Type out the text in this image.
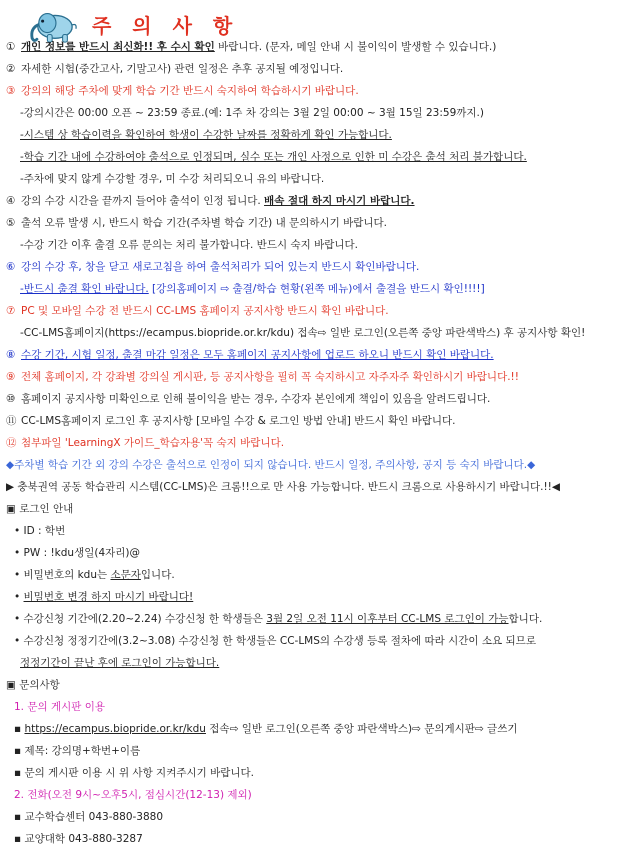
주 의 사 항
① 개인 정보를 반드시 최신화!! 후 수시 확인 바랍니다. (문자, 메일 안내 시 불이익이 발생할 수 있습니다.)
② 자세한 시험(중간고사, 기말고사) 관련 일정은 추후 공지될 예정입니다.
③ 강의의 해당 주차에 맞게 학습 기간 반드시 숙지하여 학습하시기 바랍니다.
-강의시간은 00:00 오픈 ~ 23:59 종료.(예: 1주 차 강의는 3월 2일 00:00 ~ 3월 15일 23:59까지.)
-시스템 상 학습이력을 확인하여 학생이 수강한 날짜를 정확하게 확인 가능합니다.
-학습 기간 내에 수강하여야 출석으로 인정되며, 실수 또는 개인 사정으로 인한 미 수강은 출석 처리 불가합니다.
-주차에 맞지 않게 수강할 경우, 미 수강 처리되오니 유의 바랍니다.
④ 강의 수강 시간을 끝까지 들어야 출석이 인정 됩니다. 배속 절대 하지 마시기 바랍니다.
⑤ 출석 오류 발생 시, 반드시 학습 기간(주차별 학습 기간) 내 문의하시기 바랍니다.
-수강 기간 이후 출결 오류 문의는 처리 불가합니다. 반드시 숙지 바랍니다.
⑥ 강의 수강 후, 창을 닫고 새로고침을 하여 출석처리가 되어 있는지 반드시 확인바랍니다.
-반드시 출결 확인 바랍니다. [강의홈페이지 ⇨ 출결/학습 현황(왼쪽 메뉴)에서 출결을 반드시 확인!!!!]
⑦ PC 및 모바일 수강 전 반드시 CC-LMS 홈페이지 공지사항 반드시 확인 바랍니다.
-CC-LMS홈페이지(https://ecampus.biopride.or.kr/kdu) 접속⇨ 일반 로그인(오른쪽 중앙 파란색박스) 후 공지사항 확인!
⑧ 수강 기간, 시험 일정, 출결 마감 일정은 모두 홈페이지 공지사항에 업로드 하오니 반드시 확인 바랍니다.
⑨ 전체 홈페이지, 각 강좌별 강의실 게시판, 등 공지사항을 필히 꼭 숙지하시고 자주자주 확인하시기 바랍니다.!!
⑩ 홈페이지 공지사항 미확인으로 인해 불이익을 받는 경우, 수강자 본인에게 책임이 있음을 알려드립니다.
⑪ CC-LMS홈페이지 로그인 후 공지사항 [모바일 수강 & 로그인 방법 안내] 반드시 확인 바랍니다.
⑫ 첨부파일 'LearningX 가이드_학습자용'꼭 숙지 바랍니다.
◆주차별 학습 기간 외 강의 수강은 출석으로 인정이 되지 않습니다. 반드시 일정, 주의사항, 공지 등 숙지 바랍니다.◆
▶ 충북권역 공동 학습관리 시스템(CC-LMS)은 크롬!!으로 만 사용 가능합니다. 반드시 크롬으로 사용하시기 바랍니다.!!◀
▣ 로그인 안내
• ID : 학번
• PW : !kdu생일(4자리)@
• 비밀번호의 kdu는 소문자입니다.
• 비밀번호 변경 하지 마시기 바랍니다!
• 수강신청 기간에(2.20~2.24) 수강신청 한 학생들은 3월 2일 오전 11시 이후부터 CC-LMS 로그인이 가능합니다.
• 수강신청 정정기간에(3.2~3.08) 수강신청 한 학생들은 CC-LMS의 수강생 등록 절차에 따라 시간이 소요 되므로
정정기간이 끝난 후에 로그인이 가능합니다.
▣ 문의사항
1. 문의 게시판 이용
▪ https://ecampus.biopride.or.kr/kdu 접속⇨ 일반 로그인(오른쪽 중앙 파란색박스)⇨ 문의게시판⇨ 글쓰기
▪ 제목: 강의명+학번+이름
▪ 문의 게시판 이용 시 위 사항 지켜주시기 바랍니다.
2. 전화(오전 9시~오후5시, 점심시간(12-13) 제외)
▪ 교수학습센터 043-880-3880
▪ 교양대학 043-880-3287
